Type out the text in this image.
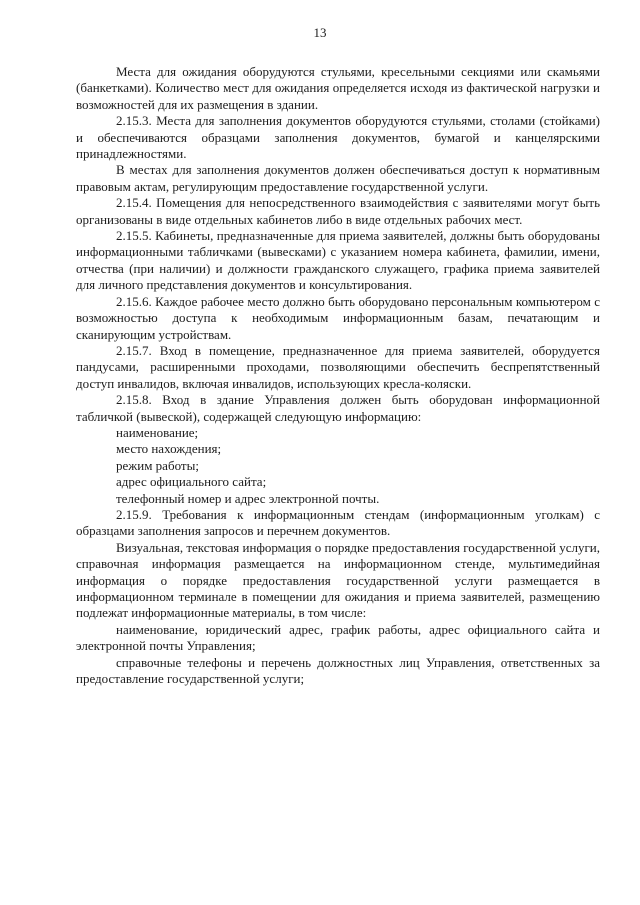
13

Места для ожидания оборудуются стульями, кресельными секциями или скамьями (банкетками). Количество мест для ожидания определяется исходя из фактической нагрузки и возможностей для их размещения в здании.

2.15.3. Места для заполнения документов оборудуются стульями, столами (стойками) и обеспечиваются образцами заполнения документов, бумагой и канцелярскими принадлежностями.

В местах для заполнения документов должен обеспечиваться доступ к нормативным правовым актам, регулирующим предоставление государственной услуги.

2.15.4. Помещения для непосредственного взаимодействия с заявителями могут быть организованы в виде отдельных кабинетов либо в виде отдельных рабочих мест.

2.15.5. Кабинеты, предназначенные для приема заявителей, должны быть оборудованы информационными табличками (вывесками) с указанием номера кабинета, фамилии, имени, отчества (при наличии) и должности гражданского служащего, графика приема заявителей для личного представления документов и консультирования.

2.15.6. Каждое рабочее место должно быть оборудовано персональным компьютером с возможностью доступа к необходимым информационным базам, печатающим и сканирующим устройствам.

2.15.7. Вход в помещение, предназначенное для приема заявителей, оборудуется пандусами, расширенными проходами, позволяющими обеспечить беспрепятственный доступ инвалидов, включая инвалидов, использующих кресла-коляски.

2.15.8. Вход в здание Управления должен быть оборудован информационной табличкой (вывеской), содержащей следующую информацию:

наименование;

место нахождения;

режим работы;

адрес официального сайта;

телефонный номер и адрес электронной почты.

2.15.9. Требования к информационным стендам (информационным уголкам) с образцами заполнения запросов и перечнем документов.

Визуальная, текстовая информация о порядке предоставления государственной услуги, справочная информация размещается на информационном стенде, мультимедийная информация о порядке предоставления государственной услуги размещается в информационном терминале в помещении для ожидания и приема заявителей, размещению подлежат информационные материалы, в том числе:

наименование, юридический адрес, график работы, адрес официального сайта и электронной почты Управления;

справочные телефоны и перечень должностных лиц Управления, ответственных за предоставление государственной услуги;
